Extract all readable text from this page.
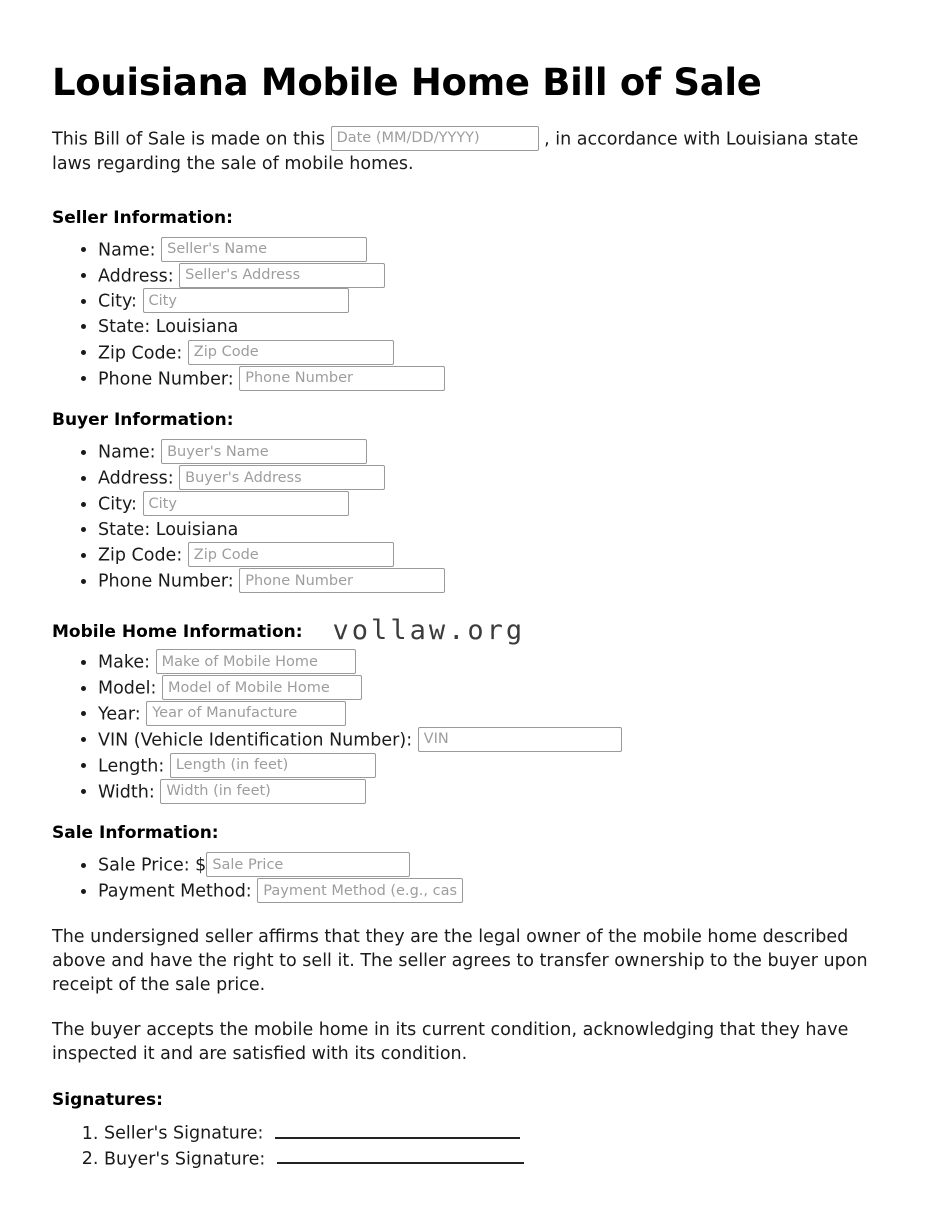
Louisiana Mobile Home Bill of Sale

This Bill of Sale is made on this Date (MM/DD/YYYY)	, in accordance with Louisiana state laws regarding the sale of mobile homes.

Seller Information:
• Name: Seller's Name
• Address: Seller's Address
• City: City
• State: Louisiana
• Zip Code: Zip Code
• Phone Number: Phone Number
Buyer Information:
• Name: Buyer's Name
• Address: Buyer's Address
• City: City
• State: Louisiana
• Zip Code: Zip Code
• Phone Number: Phone Number
Mobile Home Information: vollaw.org
• Make: Make of Mobile Home
• Model: Model of Mobile Home
• Year: Year of Manufacture
• VIN (Vehicle Identification Number): VIN
• Length: Length (in feet)
• Width: Width (in feet)
Sale Information:
• Sale Price: $Sale Price
• Payment Method: Payment Method (e.g., cash, check)

The undersigned seller affirms that they are the legal owner of the mobile home described above and have the right to sell it. The seller agrees to transfer ownership to the buyer upon receipt of the sale price.

The buyer accepts the mobile home in its current condition, acknowledging that they have inspected it and are satisfied with its condition.

Signatures:
1. Seller's Signature:
2. Buyer's Signature:
